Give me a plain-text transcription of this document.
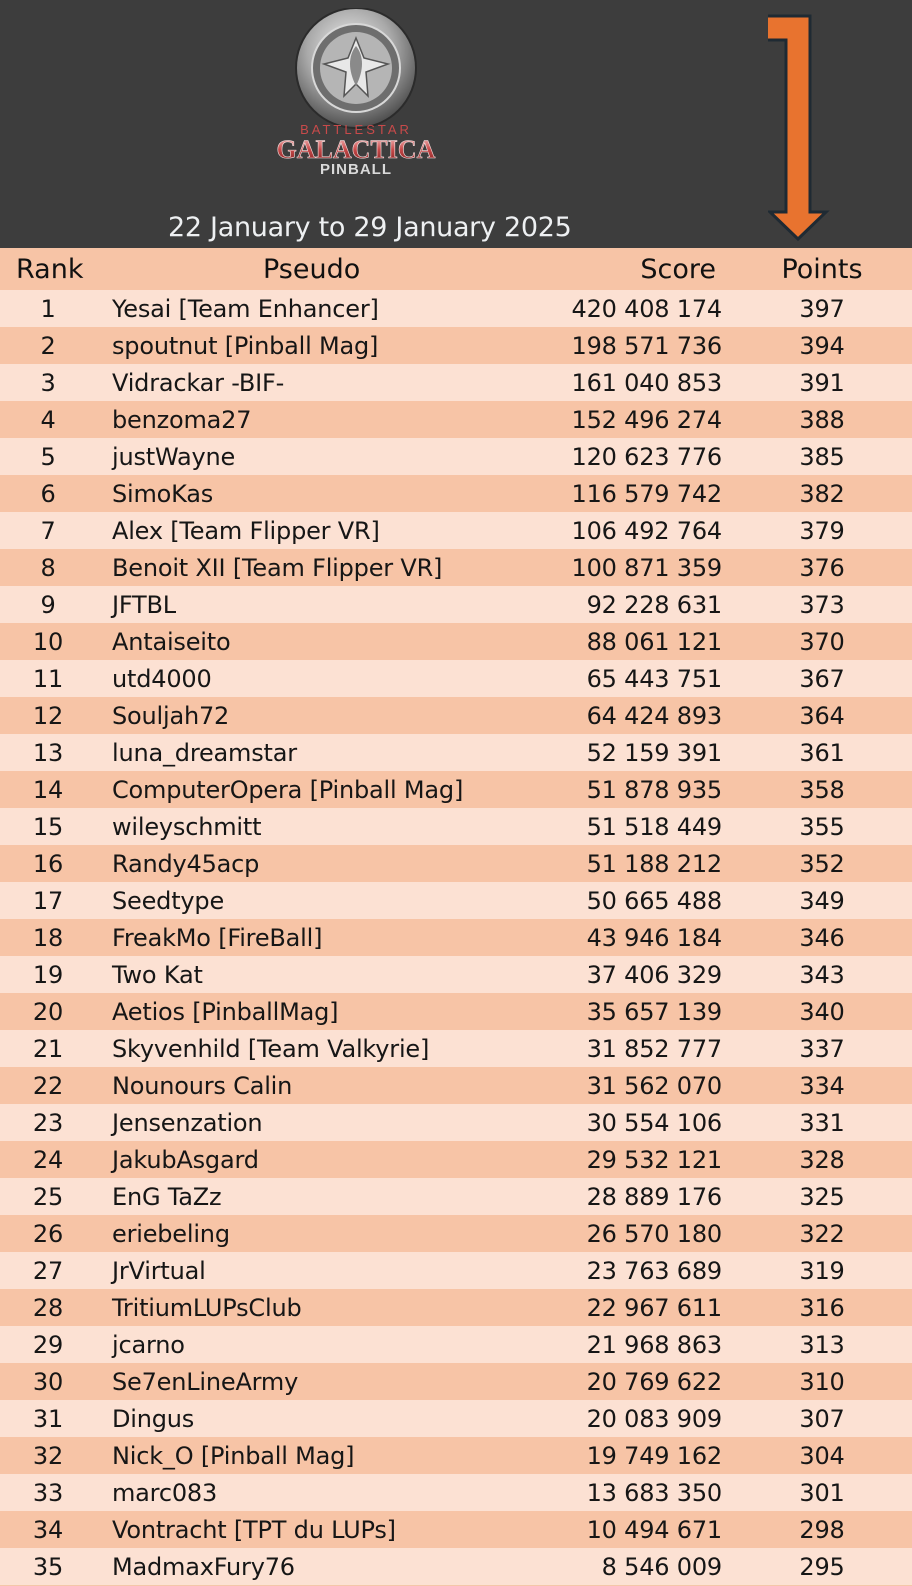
BATTLESTAR
GALACTICA
PINBALL
22 January to 29 January 2025
Rank	Pseudo	Score	Points
1	Yesai [Team Enhancer]	420 408 174	397
2	spoutnut [Pinball Mag]	198 571 736	394
3	Vidrackar -BIF-	161 040 853	391
4	benzoma27	152 496 274	388
5	justWayne	120 623 776	385
6	SimoKas	116 579 742	382
7	Alex [Team Flipper VR]	106 492 764	379
8	Benoit XII [Team Flipper VR]	100 871 359	376
9	JFTBL	92 228 631	373
10	Antaiseito	88 061 121	370
11	utd4000	65 443 751	367
12	Souljah72	64 424 893	364
13	luna_dreamstar	52 159 391	361
14	ComputerOpera [Pinball Mag]	51 878 935	358
15	wileyschmitt	51 518 449	355
16	Randy45acp	51 188 212	352
17	Seedtype	50 665 488	349
18	FreakMo [FireBall]	43 946 184	346
19	Two Kat	37 406 329	343
20	Aetios [PinballMag]	35 657 139	340
21	Skyvenhild [Team Valkyrie]	31 852 777	337
22	Nounours Calin	31 562 070	334
23	Jensenzation	30 554 106	331
24	JakubAsgard	29 532 121	328
25	EnG TaZz	28 889 176	325
26	eriebeling	26 570 180	322
27	JrVirtual	23 763 689	319
28	TritiumLUPsClub	22 967 611	316
29	jcarno	21 968 863	313
30	Se7enLineArmy	20 769 622	310
31	Dingus	20 083 909	307
32	Nick_O [Pinball Mag]	19 749 162	304
33	marc083	13 683 350	301
34	Vontracht [TPT du LUPs]	10 494 671	298
35	MadmaxFury76	8 546 009	295
